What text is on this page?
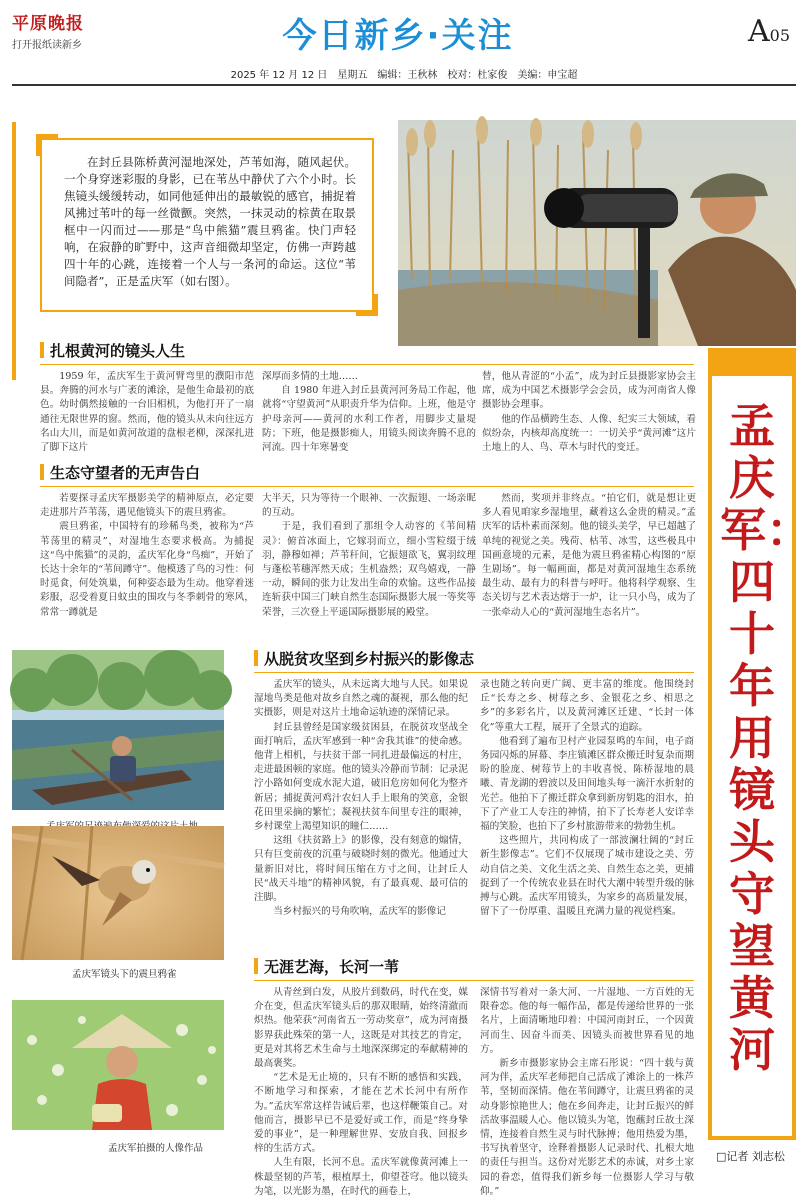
平原晚报
打开报纸读新乡	今日新乡·关注	A05
2025 年 12 月 12 日　星期五　编辑：王秋林　校对：杜家俊　美编：申宝超
孟庆军：四十年用镜头守望黄河
□记者 刘志松

在封丘县陈桥黄河湿地深处，芦苇如海，随风起伏。一个身穿迷彩服的身影，已在苇丛中静伏了六个小时。长焦镜头缓缓转动，如同他延伸出的最敏锐的感官，捕捉着风拂过苇叶的每一丝微颤。突然，一抹灵动的棕黄在取景框中一闪而过——那是“鸟中熊猫”震旦鸦雀。快门声轻响，在寂静的旷野中，这声音细微却坚定，仿佛一声跨越四十年的心跳，连接着一个人与一条河的命运。这位“苇间隐者”，正是孟庆军（如右图）。

扎根黄河的镜头人生

1959 年，孟庆军生于黄河臂弯里的濮阳市范县。奔腾的河水与广袤的滩涂，是他生命最初的底色。幼时偶然接触的一台旧相机，为他打开了一扇通往无限世界的窗。然而，他的镜头从未向往远方名山大川，而是如黄河故道的盘根老柳，深深扎进了脚下这片

深厚而多情的土地……

自 1980 年进入封丘县黄河河务局工作起，他就将“守望黄河”从职责升华为信仰。上班，他是守护母亲河——黄河的水利工作者，用脚步丈量堤防；下班，他是摄影痴人，用镜头阅读奔腾不息的河流。四十年寒暑变

替，他从青涩的“小孟”，成为封丘县摄影家协会主席，成为中国艺术摄影学会会员，成为河南省人像摄影协会理事。

他的作品横跨生态、人像、纪实三大领域，看似纷杂，内核却高度统一：一切关乎“黄河滩”这片土地上的人、鸟、草木与时代的变迁。

生态守望者的无声告白

若要探寻孟庆军摄影美学的精神原点，必定要走进那片芦苇荡，遇见他镜头下的震旦鸦雀。

震旦鸦雀，中国特有的珍稀鸟类，被称为“芦苇荡里的精灵”，对湿地生态要求极高。为捕捉这“鸟中熊猫”的灵韵，孟庆军化身“鸟痴”，开始了长达十余年的“苇间蹲守”。他模透了鸟的习性：何时觅食，何处筑巢，何种姿态最为生动。他穿着迷彩服，忍受着夏日蚊虫的围攻与冬季刺骨的寒风，常常一蹲就是

大半天，只为等待一个眼神、一次振翅、一场亲昵的互动。

于是，我们看到了那组令人动容的《苇间精灵》：俯首冰面上，它嫁羽而立，细小雪粒缀于绒羽，静穆如禅；芦苇秆间，它振翅欲飞，翼羽纹理与蓬松苇穗浑然天成；生机盎然；双鸟嬉戏，一静一动，瞬间的张力让发出生命的欢愉。这些作品接连斩获中国三门峡自然生态国际摄影大展一等奖等荣誉，三次登上平遥国际摄影展的殿堂。

然而，奖项并非终点。“拍它们，就是想让更多人看见咱家乡湿地里，藏着这么金贵的精灵。”孟庆军的话朴素而深刻。他的镜头美学，早已超越了单纯的视觉之美。残荷、枯苇、冰雪，这些极具中国画意境的元素，是他为震旦鸦雀精心构图的“原生剧场”。每一幅画面，都是对黄河湿地生态系统最生动、最有力的科普与呼吁。他将科学观察、生态关切与艺术表达熔于一炉，让一只小鸟，成为了一张牵动人心的“黄河湿地生态名片”。

孟庆军镜头下的震旦鸦雀
孟庆军拍摄的人像作品
从脱贫攻坚到乡村振兴的影像志

孟庆军的镜头，从未远离大地与人民。如果说湿地鸟类是他对故乡自然之魂的凝视，那么他的纪实摄影，则是对这片土地命运轨迹的深情记录。

封丘县曾经是国家级贫困县，在脱贫攻坚战全面打响后，孟庆军感到一种“舍我其谁”的使命感。他背上相机，与扶贫干部一同扎进最偏远的村庄，走进最困顿的家庭。他的镜头冷静而节制：记录泥泞小路如何变成水泥大道，破旧危房如何化为整齐新居；捕捉黄河鸡汁农妇人手上眼角的笑意，金银花田里采摘的繁忙；凝视扶贫车间里专注的眼神，乡村课堂上渴望知识的瞳仁……

这组《扶贫路上》的影像，没有刻意的煽情，只有巨变前夜的沉重与破晓时刻的微光。他通过大量新旧对比，将时间压缩在方寸之间，让封丘人民“战天斗地”的精神风貌，有了最真观、最可信的注脚。

当乡村振兴的号角吹响，孟庆军的影像记

录也随之转向更广阔、更丰富的维度。他围绕封丘“长寿之乡、树莓之乡、金银花之乡、相思之乡”的多彩名片，以及黄河滩区迁建、“长封一体化”等重大工程，展开了全景式的追踪。

他看到了遍布卫村产业园泵鸣的车间，电子商务园闪烁的屏幕、李庄镇滩区群众搬迁时复杂而期盼的脸庞、树莓节上的丰收喜悦、陈桥湿地的晨曦、青龙湖的碧波以及田间地头每一滴汗水折射的光芒。他拍下了搬迁群众拿到新房钥匙的泪水，拍下了产业工人专注的神情，拍下了长寿老人安详幸福的笑脸，也拍下了乡村旅游带来的勃勃生机。

这些照片，共同构成了一部波澜壮阔的“封丘新生影像志”。它们不仅展现了城市建设之美、劳动自信之美、文化生活之美、自然生态之美，更捕捉到了一个传统农业县在时代大潮中转型升级的脉搏与心跳。孟庆军用镜头，为家乡的高质量发展，留下了一份厚重、温暖且充满力量的视觉档案。

无涯艺海，长河一苇

从青丝到白发，从胶片到数码，时代在变，媒介在变，但孟庆军镜头后的那双眼睛，始终清澈而炽热。他荣获“河南省五一劳动奖章”，成为河南摄影界获此殊荣的第一人，这既是对其技艺的肯定，更是对其将艺术生命与土地深深绑定的奉献精神的最高褒奖。

“艺术是无止境的，只有不断的感悟和实践，不断地学习和探索，才能在艺术长河中有所作为。”孟庆军常这样告诫后辈，也这样鞭策自己。对他而言，摄影早已不是爱好或工作，而是“终身挚爱的事业”，是一种理解世界、安放自我、回报乡梓的生活方式。

人生有限，长河不息。孟庆军就像黄河滩上一株最坚韧的芦苇，根植厚土，仰望苍穹。他以镜头为笔，以光影为墨，在时代的画卷上，

深情书写着对一条大河、一片湿地、一方百姓的无限眷恋。他的每一幅作品，都是传递给世界的一张名片，上面清晰地印着：中国河南封丘，一个因黄河而生、因奋斗而美、因镜头而被世界看见的地方。

新乡市摄影家协会主席石彤说：“四十载与黄河为伴，孟庆军老师把自己活成了滩涂上的一株芦苇，坚韧而深情。他在苇间蹲守，让震旦鸦雀的灵动身影惊艳世人；他在乡间奔走，让封丘振兴的鲜活故事温暖人心。他以镜头为笔，饱蘸封丘故土深情，连接着自然生灵与时代脉搏；他用热爱为墨，书写执着坚守，诠释着摄影人记录时代、扎根大地的责任与担当。这份对光影艺术的赤诚，对乡土家园的眷恋，值得我们新乡每一位摄影人学习与敬仰。”
